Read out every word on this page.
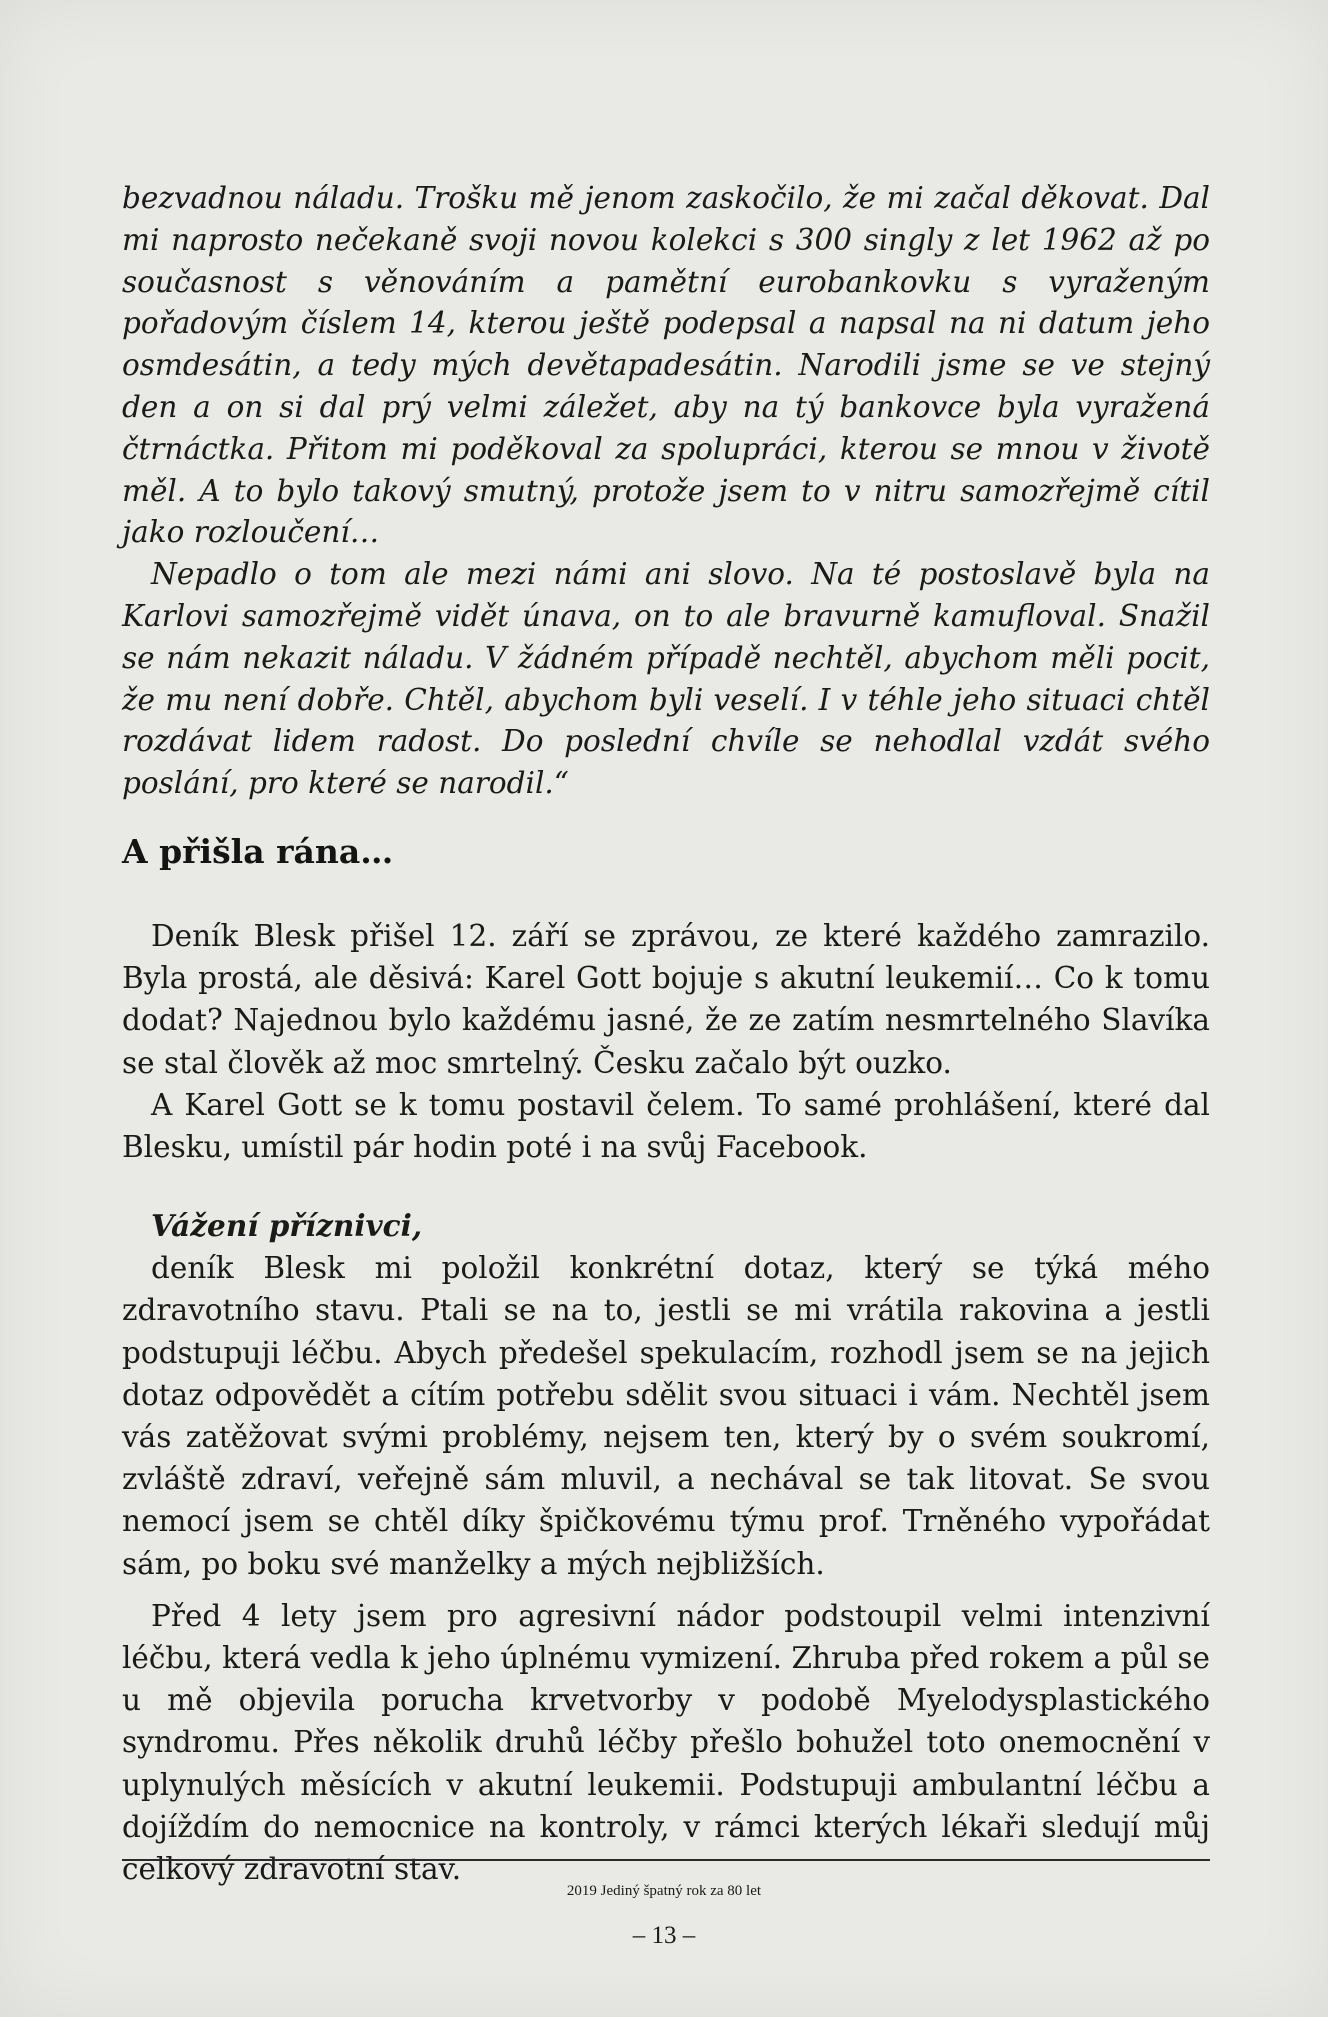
bezvadnou náladu. Trošku mě jenom zaskočilo, že mi začal děkovat. Dal mi naprosto nečekaně svoji novou kolekci s 300 singly z let 1962 až po současnost s věnováním a pamětní eurobankovku s vyraženým pořadovým číslem 14, kterou ještě podepsal a napsal na ni datum jeho osmdesátin, a tedy mých devětapadesátin. Narodili jsme se ve stejný den a on si dal prý velmi záležet, aby na tý bankovce byla vyražená čtrnáctka. Přitom mi poděkoval za spolupráci, kterou se mnou v životě měl. A to bylo takový smutný, protože jsem to v nitru samozřejmě cítil jako rozloučení…

Nepadlo o tom ale mezi námi ani slovo. Na té postoslavě byla na Karlovi samozřejmě vidět únava, on to ale bravurně kamufloval. Snažil se nám nekazit náladu. V žádném případě nechtěl, abychom měli pocit, že mu není dobře. Chtěl, abychom byli veselí. I v téhle jeho situaci chtěl rozdávat lidem radost. Do poslední chvíle se nehodlal vzdát svého poslání, pro které se narodil.“

A přišla rána…

Deník Blesk přišel 12. září se zprávou, ze které každého zamrazilo. Byla prostá, ale děsivá: Karel Gott bojuje s akutní leukemií… Co k tomu dodat? Najednou bylo každému jasné, že ze zatím nesmrtelného Slavíka se stal člověk až moc smrtelný. Česku začalo být ouzko.

A Karel Gott se k tomu postavil čelem. To samé prohlášení, které dal Blesku, umístil pár hodin poté i na svůj Facebook.

Vážení příznivci,

deník Blesk mi položil konkrétní dotaz, který se týká mého zdravotního stavu. Ptali se na to, jestli se mi vrátila rakovina a jestli podstupuji léčbu. Abych předešel spekulacím, rozhodl jsem se na jejich dotaz odpovědět a cítím potřebu sdělit svou situaci i vám. Nechtěl jsem vás zatěžovat svými problémy, nejsem ten, který by o svém soukromí, zvláště zdraví, veřejně sám mluvil, a nechával se tak litovat. Se svou nemocí jsem se chtěl díky špičkovému týmu prof. Trněného vypořádat sám, po boku své manželky a mých nejbližších.

Před 4 lety jsem pro agresivní nádor podstoupil velmi intenzivní léčbu, která vedla k jeho úplnému vymizení. Zhruba před rokem a půl se u mě objevila porucha krvetvorby v podobě Myelodysplastického syndromu. Přes několik druhů léčby přešlo bohužel toto onemocnění v uplynulých měsících v akutní leukemii. Podstupuji ambulantní léčbu a dojíždím do nemocnice na kontroly, v rámci kterých lékaři sledují můj celkový zdravotní stav.

2019 Jediný špatný rok za 80 let
– 13 –
